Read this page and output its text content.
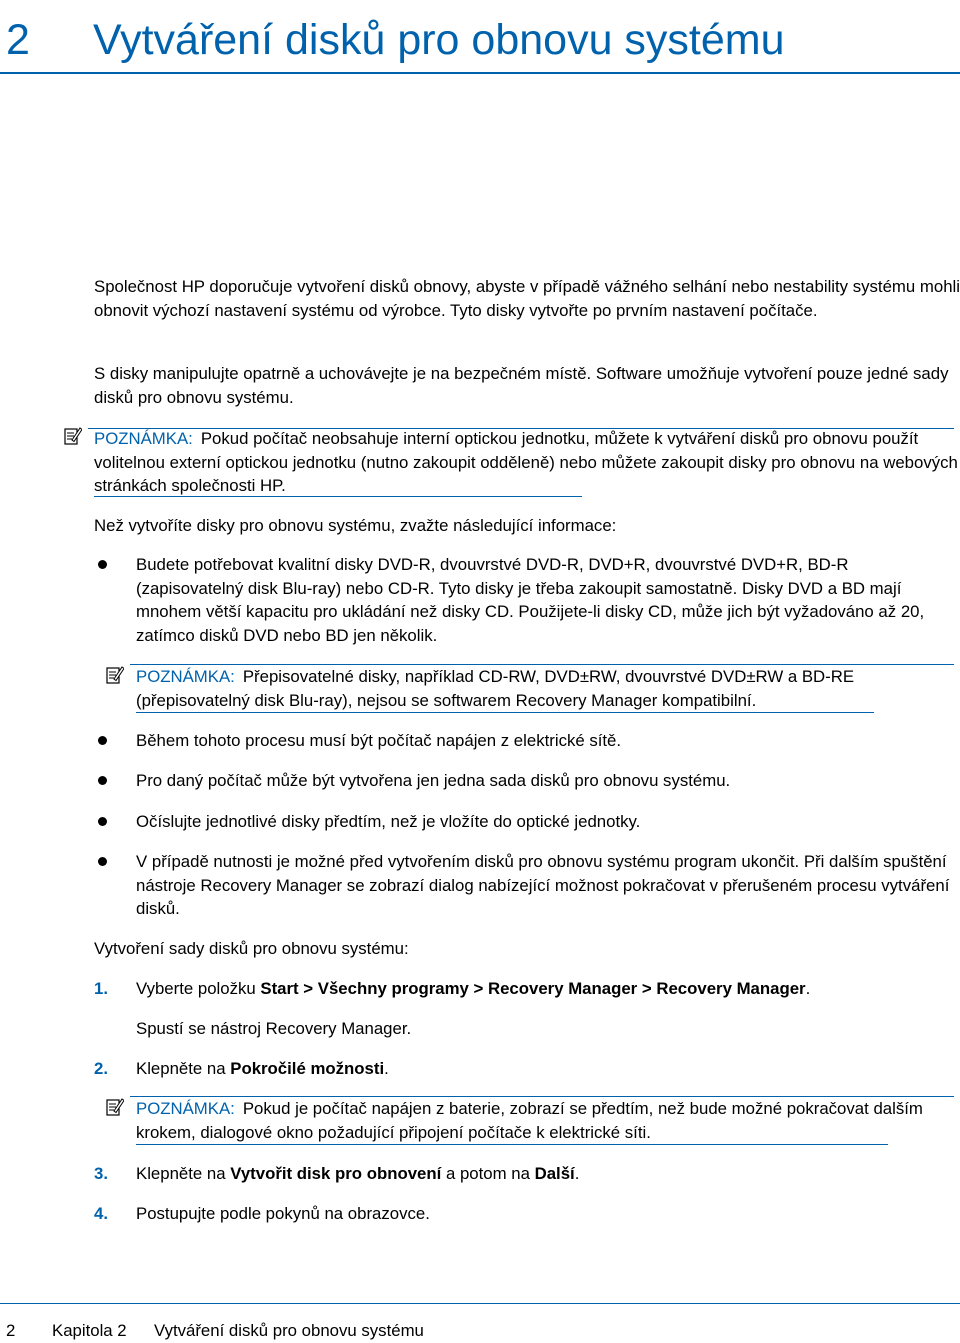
2 Vytváření disků pro obnovu systému
Společnost HP doporučuje vytvoření disků obnovy, abyste v případě vážného selhání nebo nestability systému mohli obnovit výchozí nastavení systému od výrobce. Tyto disky vytvořte po prvním nastavení počítače.
S disky manipulujte opatrně a uchovávejte je na bezpečném místě. Software umožňuje vytvoření pouze jedné sady disků pro obnovu systému.
POZNÁMKA: Pokud počítač neobsahuje interní optickou jednotku, můžete k vytváření disků pro obnovu použít volitelnou externí optickou jednotku (nutno zakoupit odděleně) nebo můžete zakoupit disky pro obnovu na webových stránkách společnosti HP.
Než vytvoříte disky pro obnovu systému, zvažte následující informace:
Budete potřebovat kvalitní disky DVD-R, dvouvrstvé DVD-R, DVD+R, dvouvrstvé DVD+R, BD-R (zapisovatelný disk Blu-ray) nebo CD-R. Tyto disky je třeba zakoupit samostatně. Disky DVD a BD mají mnohem větší kapacitu pro ukládání než disky CD. Použijete-li disky CD, může jich být vyžadováno až 20, zatímco disků DVD nebo BD jen několik.
POZNÁMKA: Přepisovatelné disky, například CD-RW, DVD±RW, dvouvrstvé DVD±RW a BD-RE (přepisovatelný disk Blu-ray), nejsou se softwarem Recovery Manager kompatibilní.
Během tohoto procesu musí být počítač napájen z elektrické sítě.
Pro daný počítač může být vytvořena jen jedna sada disků pro obnovu systému.
Očíslujte jednotlivé disky předtím, než je vložíte do optické jednotky.
V případě nutnosti je možné před vytvořením disků pro obnovu systému program ukončit. Při dalším spuštění nástroje Recovery Manager se zobrazí dialog nabízející možnost pokračovat v přerušeném procesu vytváření disků.
Vytvoření sady disků pro obnovu systému:
1. Vyberte položku Start > Všechny programy > Recovery Manager > Recovery Manager.
Spustí se nástroj Recovery Manager.
2. Klepněte na Pokročilé možnosti.
POZNÁMKA: Pokud je počítač napájen z baterie, zobrazí se předtím, než bude možné pokračovat dalším krokem, dialogové okno požadující připojení počítače k elektrické síti.
3. Klepněte na Vytvořit disk pro obnovení a potom na Další.
4. Postupujte podle pokynů na obrazovce.
2 Kapitola 2 Vytváření disků pro obnovu systému
